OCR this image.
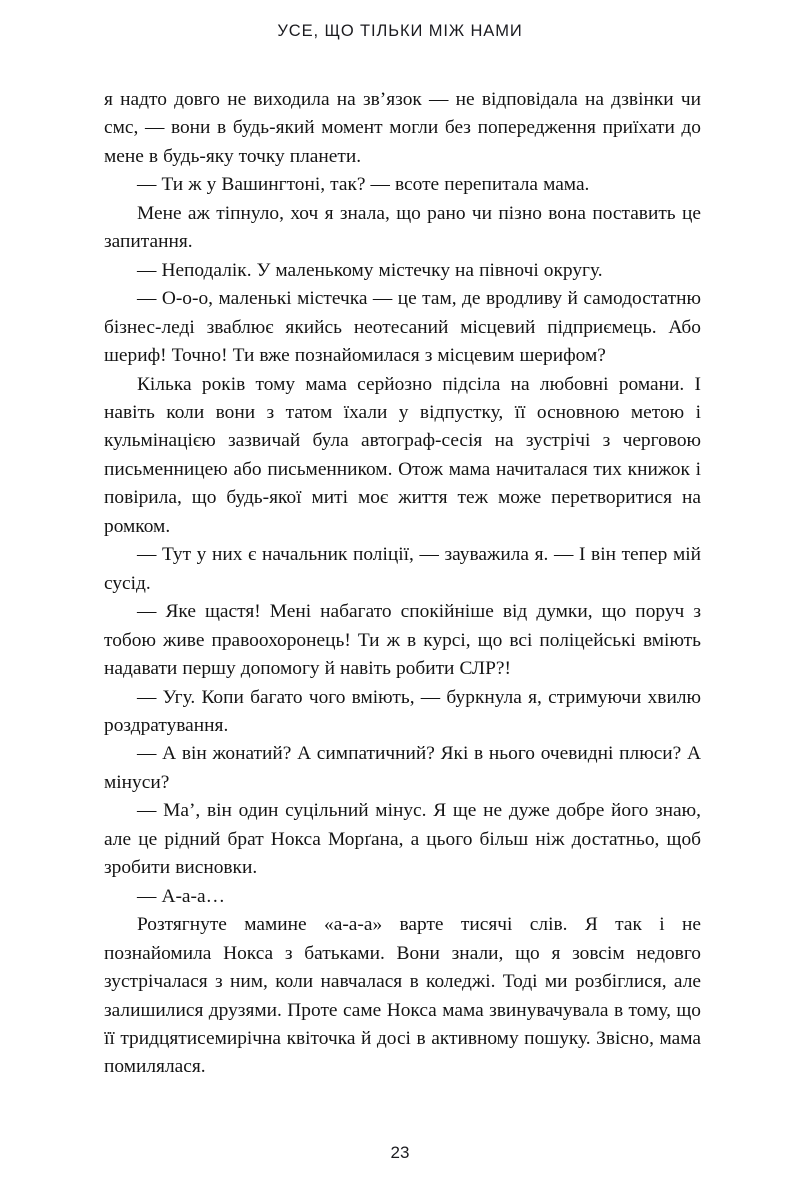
УСЕ, ЩО ТІЛЬКИ МІЖ НАМИ

я надто довго не виходила на зв’язок — не відповідала на дзвінки чи смс, — вони в будь-який момент могли без попередження приїхати до мене в будь-яку точку планети.

— Ти ж у Вашингтоні, так? — всоте перепитала мама.

Мене аж тіпнуло, хоч я знала, що рано чи пізно вона поставить це запитання.

— Неподалік. У маленькому містечку на півночі округу.

— О-о-о, маленькі містечка — це там, де вродливу й самодостатню бізнес-леді зваблює якийсь неотесаний місцевий підприємець. Або шериф! Точно! Ти вже познайомилася з місцевим шерифом?

Кілька років тому мама серйозно підсіла на любовні романи. І навіть коли вони з татом їхали у відпустку, її основною метою і кульмінацією зазвичай була автограф-сесія на зустрічі з черговою письменницею або письменником. Отож мама начиталася тих книжок і повірила, що будь-якої миті моє життя теж може перетворитися на ромком.

— Тут у них є начальник поліції, — зауважила я. — І він тепер мій сусід.

— Яке щастя! Мені набагато спокійніше від думки, що поруч з тобою живе правоохоронець! Ти ж в курсі, що всі поліцейські вміють надавати першу допомогу й навіть робити СЛР?!

— Угу. Копи багато чого вміють, — буркнула я, стримуючи хвилю роздратування.

— А він жонатий? А симпатичний? Які в нього очевидні плюси? А мінуси?

— Ма’, він один суцільний мінус. Я ще не дуже добре його знаю, але це рідний брат Нокса Морґана, а цього більш ніж достатньо, щоб зробити висновки.

— А-а-а…

Розтягнуте мамине «а-а-а» варте тисячі слів. Я так і не познайомила Нокса з батьками. Вони знали, що я зовсім недовго зустрічалася з ним, коли навчалася в коледжі. Тоді ми розбіглися, але залишилися друзями. Проте саме Нокса мама звинувачувала в тому, що її тридцятисемирічна квіточка й досі в активному пошуку. Звісно, мама помилялася.

23
